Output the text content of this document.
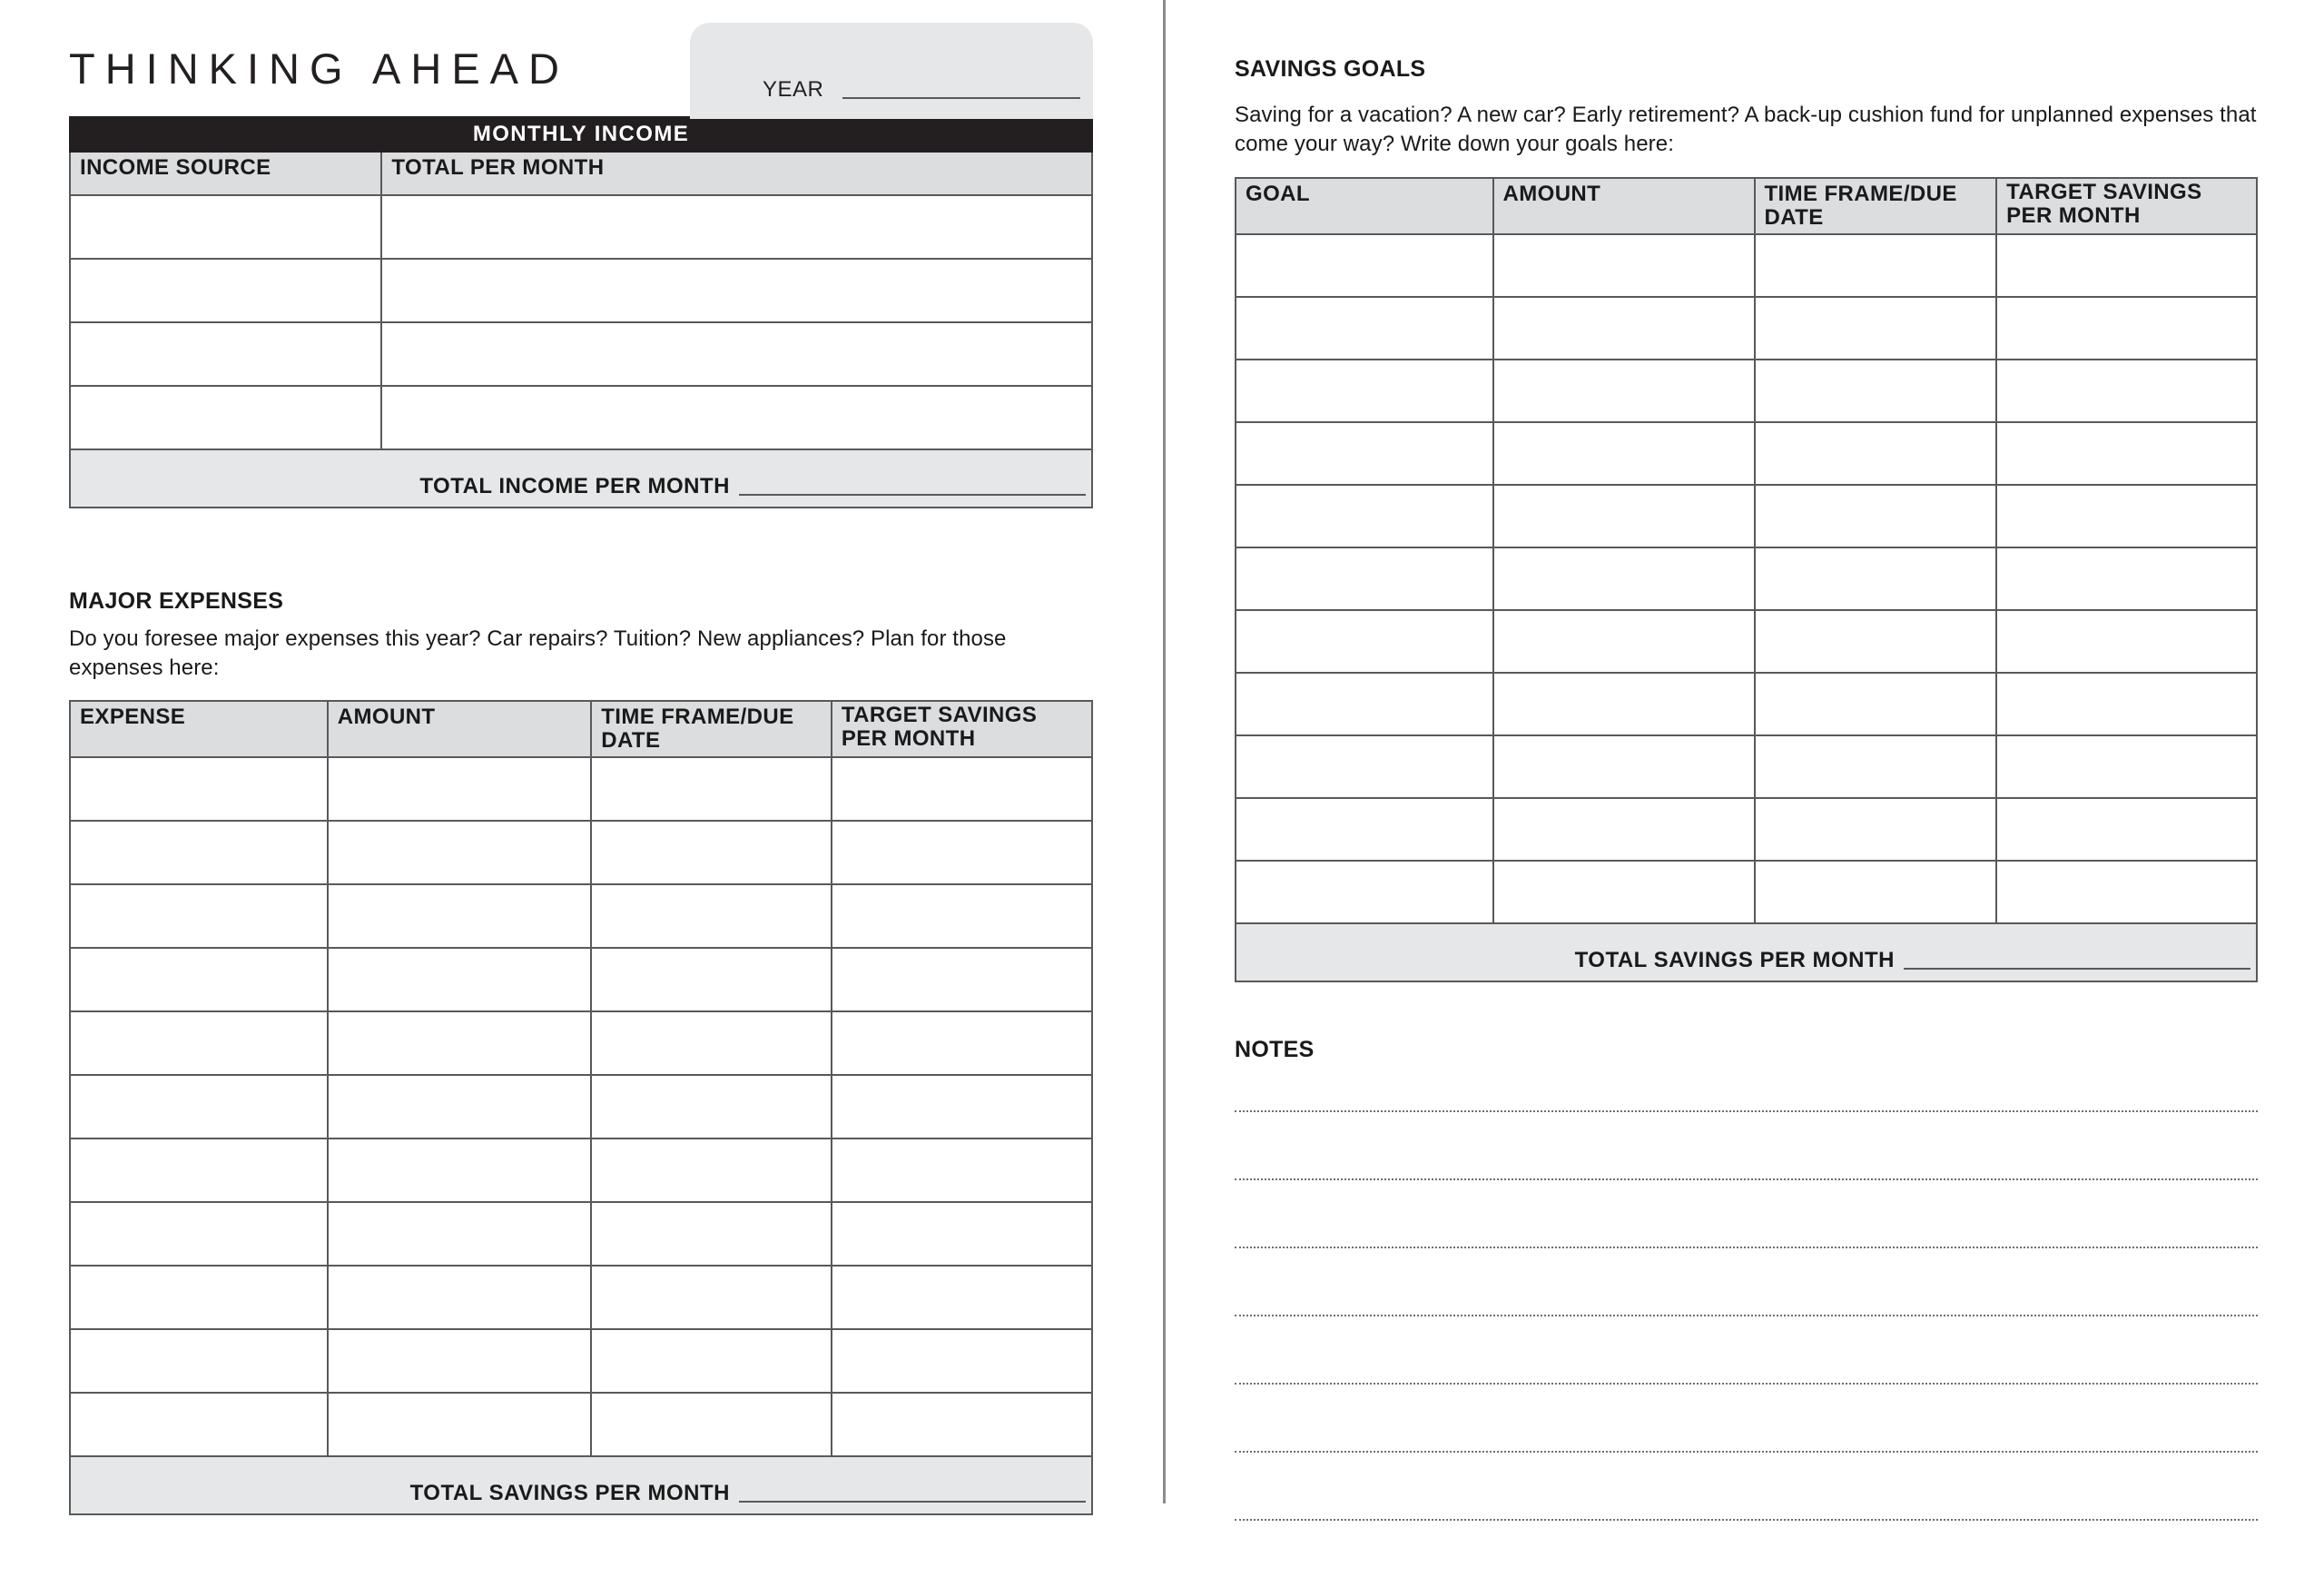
THINKING AHEAD	YEAR
MONTHLY INCOME	
INCOME SOURCE	TOTAL PER MONTH

TOTAL INCOME PER MONTH	
MAJOR EXPENSES
Do you foresee major expenses this year? Car repairs? Tuition? New appliances? Plan for those expenses here:
EXPENSE	AMOUNT	TIME FRAME/DUE DATE	TARGET SAVINGS
PER MONTH

TOTAL SAVINGS PER MONTH			
SAVINGS GOALS
Saving for a vacation? A new car? Early retirement? A back-up cushion fund for unplanned expenses that come your way? Write down your goals here:
GOAL	AMOUNT	TIME FRAME/DUE DATE	TARGET SAVINGS
PER MONTH

TOTAL SAVINGS PER MONTH			
NOTES
